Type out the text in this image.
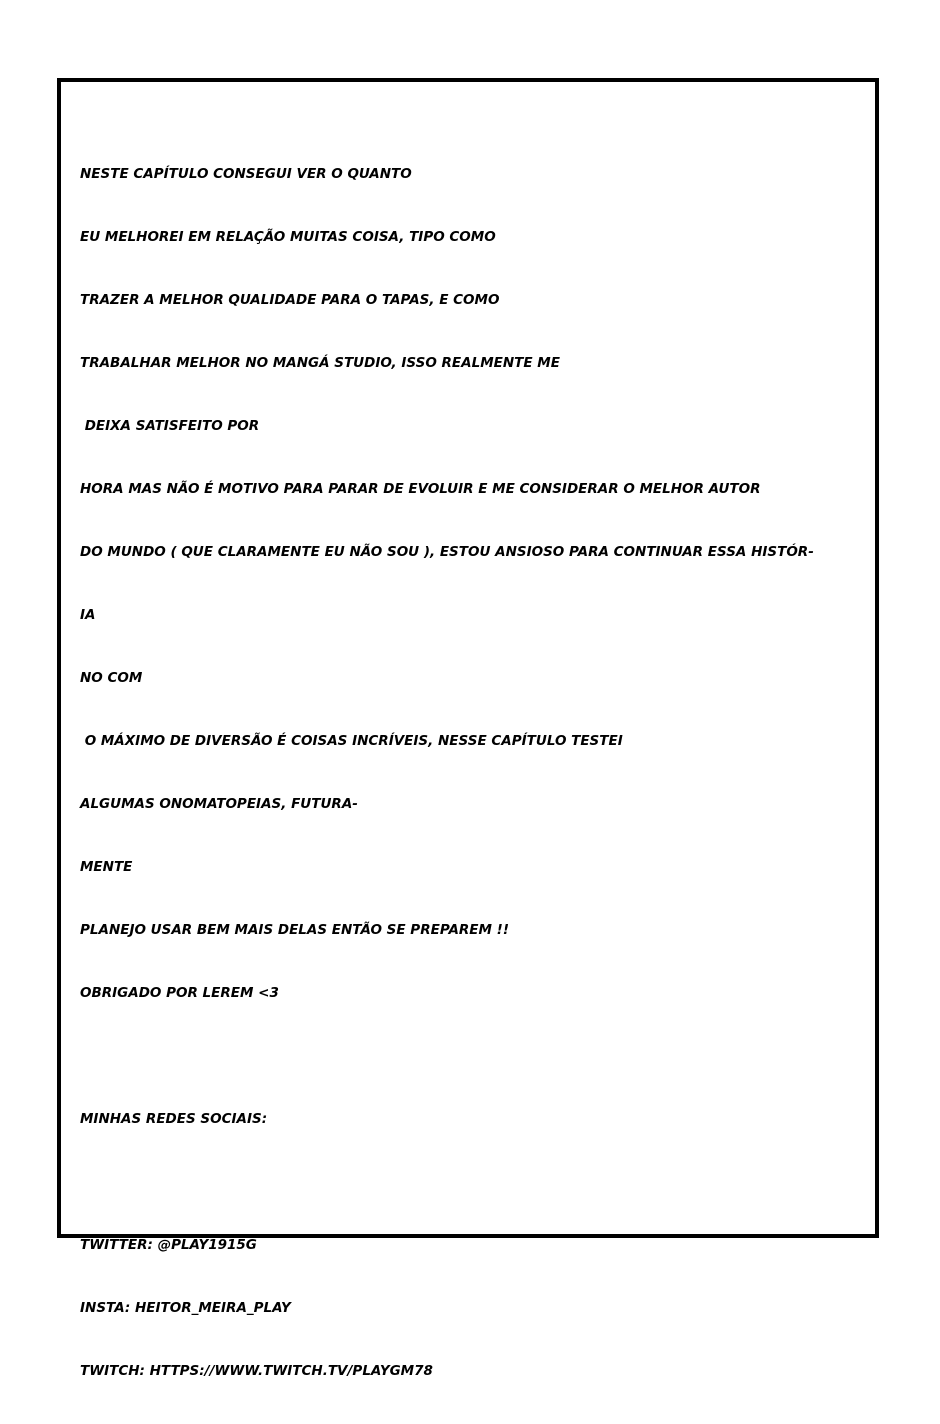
NESTE CAPÍTULO CONSEGUI VER O QUANTO

EU MELHOREI EM RELAÇÃO MUITAS COISA, TIPO COMO

TRAZER A MELHOR QUALIDADE PARA O TAPAS, E COMO

TRABALHAR MELHOR NO MANGÁ STUDIO, ISSO REALMENTE ME

DEIXA SATISFEITO POR

HORA MAS NÃO É MOTIVO PARA PARAR DE EVOLUIR E ME CONSIDERAR O MELHOR AUTOR

DO MUNDO ( QUE CLARAMENTE EU NÃO SOU ), ESTOU ANSIOSO PARA CONTINUAR ESSA HISTÓR-

IA

NO COM

O MÁXIMO DE DIVERSÃO É COISAS INCRÍVEIS, NESSE CAPÍTULO TESTEI

ALGUMAS ONOMATOPEIAS, FUTURA-

MENTE

PLANEJO USAR BEM MAIS DELAS ENTÃO SE PREPAREM !!

OBRIGADO POR LEREM <3

MINHAS REDES SOCIAIS:

TWITTER: @PLAY1915G

INSTA: HEITOR_MEIRA_PLAY

TWITCH: HTTPS://WWW.TWITCH.TV/PLAYGM78
